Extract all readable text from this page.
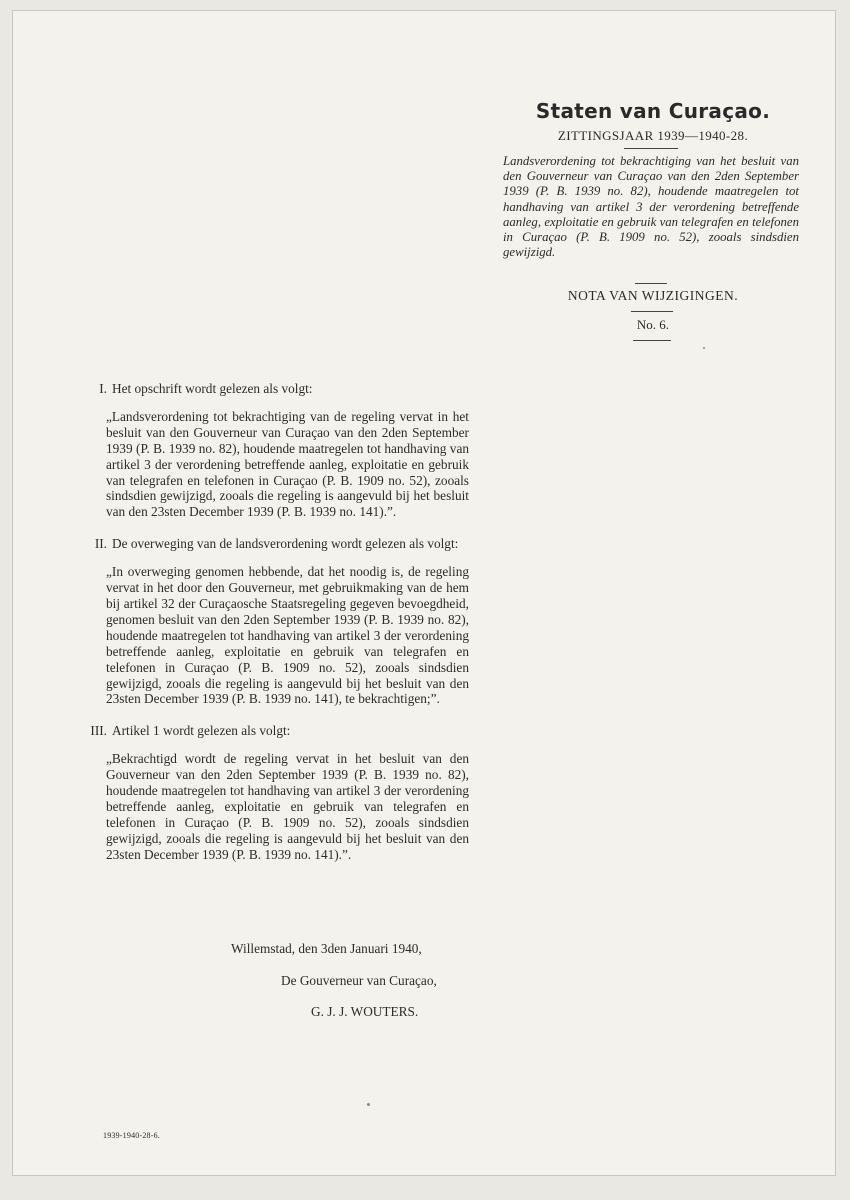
Staten van Curaçao.
ZITTINGSJAAR 1939—1940-28.
Landsverordening tot bekrachtiging van het besluit van den Gouverneur van Curaçao van den 2den September 1939 (P. B. 1939 no. 82), houdende maatregelen tot handhaving van artikel 3 der verordening betreffende aanleg, exploitatie en gebruik van telegrafen en telefonen in Curaçao (P. B. 1909 no. 52), zooals sindsdien gewijzigd.
NOTA VAN WIJZIGINGEN.
No. 6.
I. Het opschrift wordt gelezen als volgt:
„Landsverordening tot bekrachtiging van de regeling vervat in het besluit van den Gouverneur van Curaçao van den 2den September 1939 (P. B. 1939 no. 82), houdende maatregelen tot handhaving van artikel 3 der verordening betreffende aanleg, exploitatie en gebruik van telegrafen en telefonen in Curaçao (P. B. 1909 no. 52), zooals sindsdien gewijzigd, zooals die regeling is aangevuld bij het besluit van den 23sten December 1939 (P. B. 1939 no. 141).”.
II. De overweging van de landsverordening wordt gelezen als volgt:
„In overweging genomen hebbende, dat het noodig is, de regeling vervat in het door den Gouverneur, met gebruikmaking van de hem bij artikel 32 der Curaçaosche Staatsregeling gegeven bevoegdheid, genomen besluit van den 2den September 1939 (P. B. 1939 no. 82), houdende maatregelen tot handhaving van artikel 3 der verordening betreffende aanleg, exploitatie en gebruik van telegrafen en telefonen in Curaçao (P. B. 1909 no. 52), zooals sindsdien gewijzigd, zooals die regeling is aangevuld bij het besluit van den 23sten December 1939 (P. B. 1939 no. 141), te bekrachtigen;”.
III. Artikel 1 wordt gelezen als volgt:
„Bekrachtigd wordt de regeling vervat in het besluit van den Gouverneur van den 2den September 1939 (P. B. 1939 no. 82), houdende maatregelen tot handhaving van artikel 3 der verordening betreffende aanleg, exploitatie en gebruik van telegrafen en telefonen in Curaçao (P. B. 1909 no. 52), zooals sindsdien gewijzigd, zooals die regeling is aangevuld bij het besluit van den 23sten December 1939 (P. B. 1939 no. 141).”.
Willemstad, den 3den Januari 1940,
De Gouverneur van Curaçao,
G. J. J. WOUTERS.
1939-1940-28-6.
